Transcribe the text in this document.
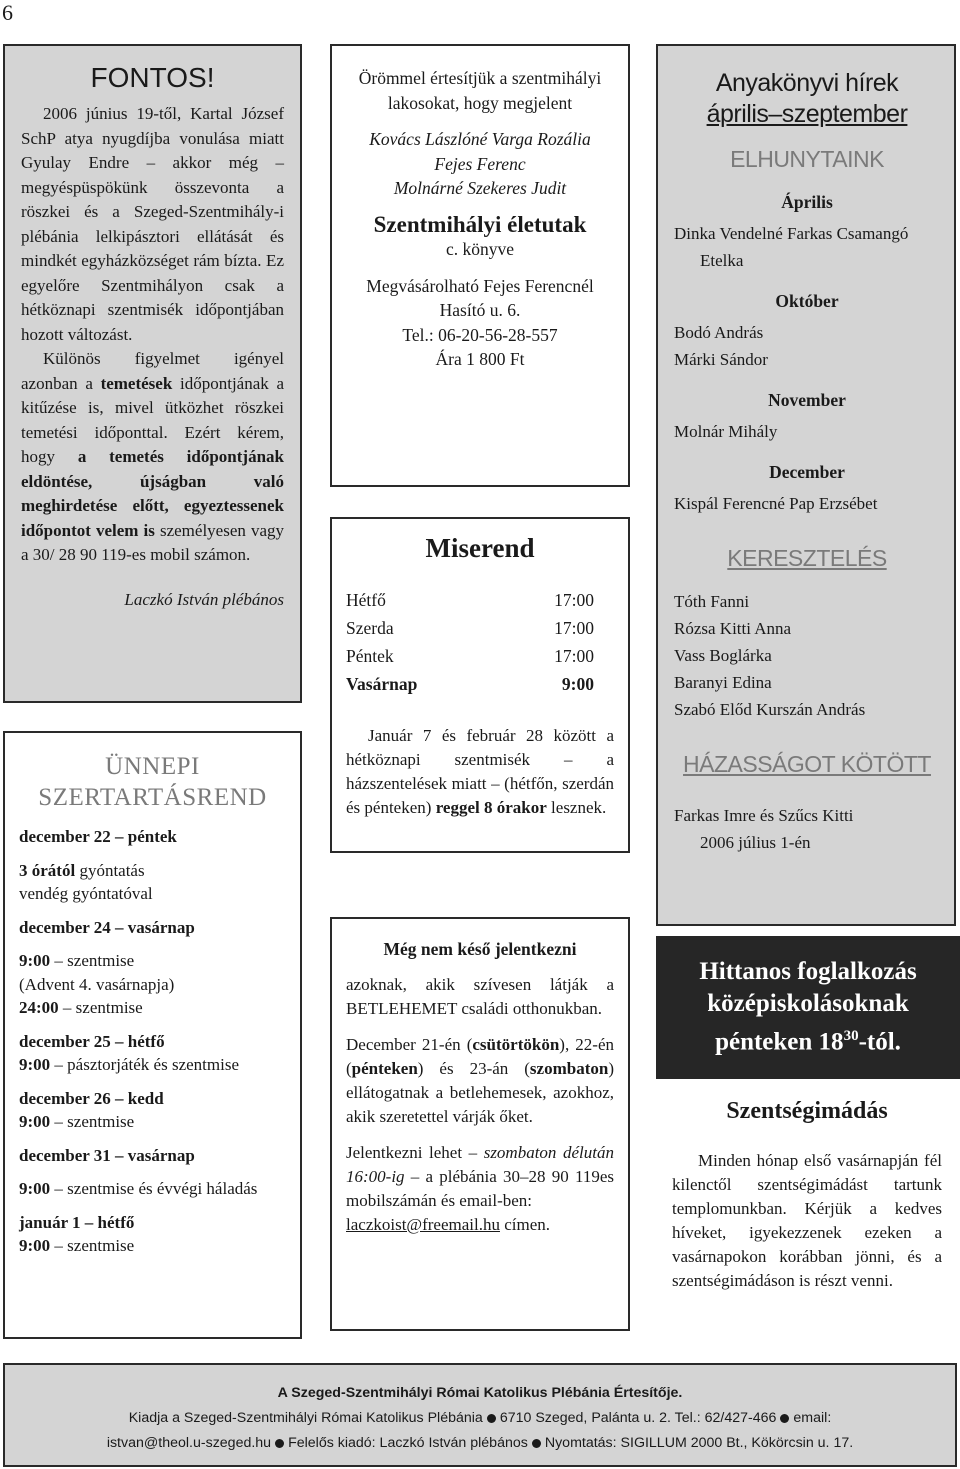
6
FONTOS!

2006 június 19-től, Kartal József SchP atya nyugdíjba vonulása miatt Gyulay Endre – akkor még – megyéspüspökünk összevonta a röszkei és a Szeged-Szentmihály-i plébánia lelkipásztori ellátását és mindkét egyházközséget rám bízta. Ez egyelőre Szentmihályon csak a hétköznapi szentmisék időpontjában hozott változást.

Különös figyelmet igényel azonban a temetések időpontjának a kitűzése is, mivel ütközhet röszkei temetési időponttal. Ezért kérem, hogy a temetés időpontjának eldöntése, újságban való meghirdetése előtt, egyeztessenek időpontot velem is személyesen vagy a 30/ 28 90 119-es mobil számon.

Laczkó István plébános

ÜNNEPI
SZERTARTÁSREND
december 22 – péntek
3 órától gyóntatás
vendég gyóntatóval
december 24 – vasárnap
9:00 – szentmise
(Advent 4. vasárnapja)
24:00 – szentmise
december 25 – hétfő
9:00 – pásztorjáték és szentmise
december 26 – kedd
9:00 – szentmise
december 31 – vasárnap
9:00 – szentmise és évvégi háladás
január 1 – hétfő
9:00 – szentmise

Örömmel értesítjük a szentmihályi lakosokat, hogy megjelent

Kovács Lászlóné Varga Rozália
Fejes Ferenc
Molnárné Szekeres Judit

Szentmihályi életutak

c. könyve

Megvásárolható Fejes Ferencnél
Hasító u. 6.
Tel.: 06-20-56-28-557
Ára 1 800 Ft

Miserend
Hétfő	17:00
Szerda	17:00
Péntek	17:00
Vasárnap	9:00

Január 7 és február 28 között a hétköznapi szentmisék – a házszentelések miatt – (hétfőn, szerdán és pénteken) reggel 8 órakor lesznek.

Még nem késő jelentkezni

azoknak, akik szívesen látják a BETLEHEMET családi otthonukban.

December 21-én (csütörtökön), 22-én (pénteken) és 23-án (szombaton) ellátogatnak a betlehemesek, azokhoz, akik szeretettel várják őket.

Jelentkezni lehet – szombaton délután 16:00-ig – a plébánia 30–28 90 119es mobilszámán és email-ben:
laczkoist@freemail.hu címen.

Anyakönyvi hírek
április–szeptember
ELHUNYTAINK
Április
Dinka Vendelné Farkas Csamangó
Etelka
Október
Bodó András
Márki Sándor
November
Molnár Mihály
December
Kispál Ferencné Pap Erzsébet
KERESZTELÉS
Tóth Fanni
Rózsa Kitti Anna
Vass Boglárka
Baranyi Edina
Szabó Előd Kurszán András
HÁZASSÁGOT KÖTÖTT
Farkas Imre és Szűcs Kitti
2006 július 1-én
Hittanos foglalkozás
középiskolásoknak
pénteken $18^{30}$-tól.
Szentségimádás

Minden hónap első vasárnapján fél kilenctől szentségimádást tartunk templomunkban. Kérjük a kedves híveket, igyekezzenek ezeken a vasárnapokon korábban jönni, és a szentségimádáson is részt venni.

A Szeged-Szentmihályi Római Katolikus Plébánia Értesítője.
Kiadja a Szeged-Szentmihályi Római Katolikus Plébánia 6710 Szeged, Palánta u. 2. Tel.: 62/427-466 email:
istvan@theol.u-szeged.hu Felelős kiadó: Laczkó István plébános Nyomtatás: SIGILLUM 2000 Bt., Kökörcsin u. 17.
